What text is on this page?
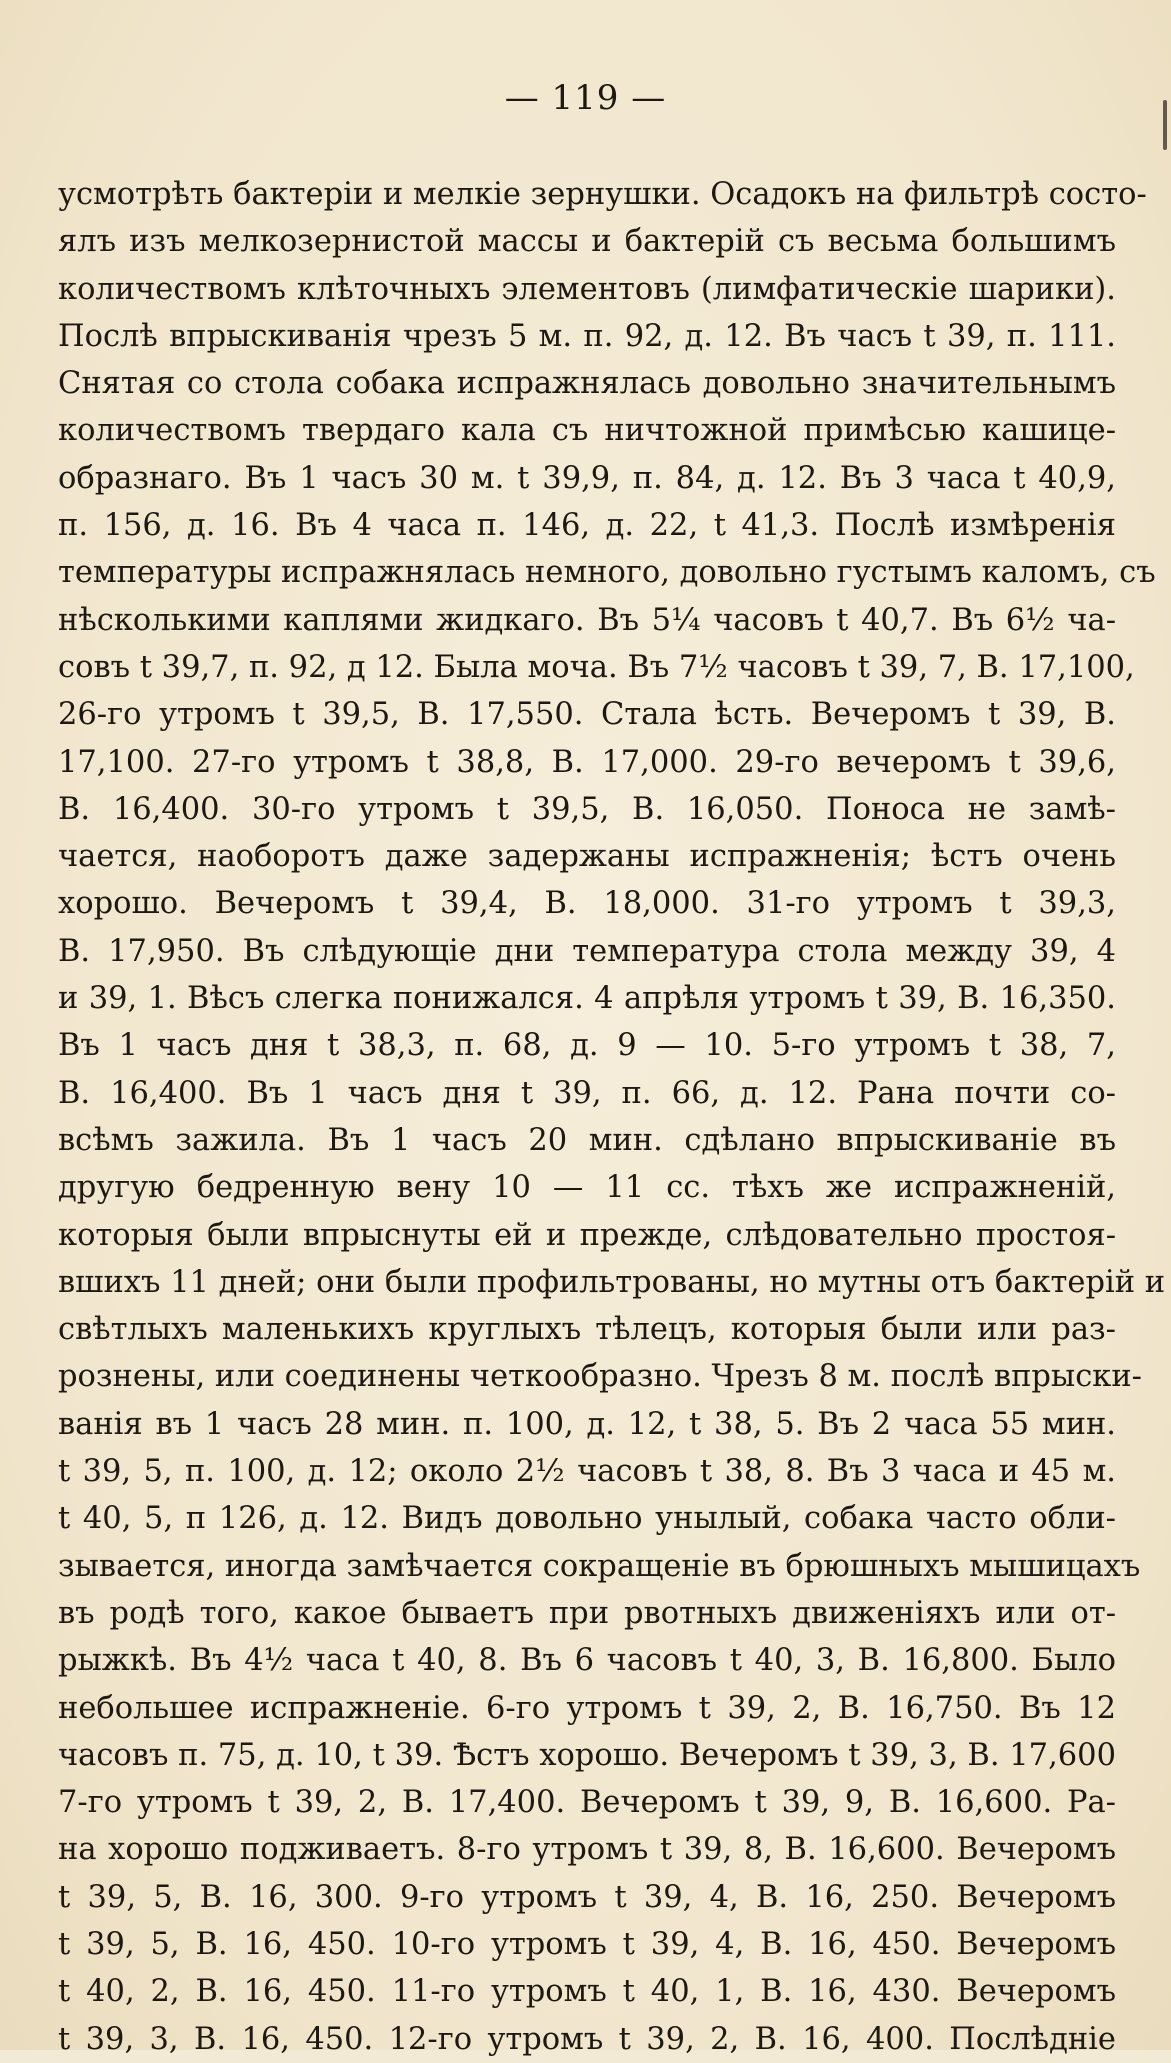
— 119 —
усмотрѣть бактеріи и мелкіе зернушки. Осадокъ на фильтрѣ состо-
ялъ изъ мелкозернистой массы и бактерій съ весьма большимъ
количествомъ клѣточныхъ элементовъ (лимфатическіе шарики).
Послѣ впрыскиванія чрезъ 5 м. п. 92, д. 12. Въ часъ t 39, п. 111.
Снятая со стола собака испражнялась довольно значительнымъ
количествомъ твердаго кала съ ничтожной примѣсью кашице-
образнаго. Въ 1 часъ 30 м. t 39,9, п. 84, д. 12. Въ 3 часа t 40,9,
п. 156, д. 16. Въ 4 часа п. 146, д. 22, t 41,3. Послѣ измѣренія
температуры испражнялась немного, довольно густымъ каломъ, съ
нѣсколькими каплями жидкаго. Въ 5¼ часовъ t 40,7. Въ 6½ ча-
совъ t 39,7, п. 92, д 12. Была моча. Въ 7½ часовъ t 39, 7, В. 17,100,
26-го утромъ t 39,5, В. 17,550. Стала ѣсть. Вечеромъ t 39, В.
17,100. 27-го утромъ t 38,8, В. 17,000. 29-го вечеромъ t 39,6,
В. 16,400. 30-го утромъ t 39,5, В. 16,050. Поноса не замѣ-
чается, наоборотъ даже задержаны испражненія; ѣстъ очень
хорошо. Вечеромъ t 39,4, В. 18,000. 31-го утромъ t 39,3,
В. 17,950. Въ слѣдующіе дни температура стола между 39, 4
и 39, 1. Вѣсъ слегка понижался. 4 апрѣля утромъ t 39, В. 16,350.
Въ 1 часъ дня t 38,3, п. 68, д. 9 — 10. 5-го утромъ t 38, 7,
В. 16,400. Въ 1 часъ дня t 39, п. 66, д. 12. Рана почти со-
всѣмъ зажила. Въ 1 часъ 20 мин. сдѣлано впрыскиваніе въ
другую бедренную вену 10 — 11 сс. тѣхъ же испражненій,
которыя были впрыснуты ей и прежде, слѣдовательно простоя-
вшихъ 11 дней; они были профильтрованы, но мутны отъ бактерій и
свѣтлыхъ маленькихъ круглыхъ тѣлецъ, которыя были или раз-
рознены, или соединены четкообразно. Чрезъ 8 м. послѣ впрыски-
ванія въ 1 часъ 28 мин. п. 100, д. 12, t 38, 5. Въ 2 часа 55 мин.
t 39, 5, п. 100, д. 12; около 2½ часовъ t 38, 8. Въ 3 часа и 45 м.
t 40, 5, п 126, д. 12. Видъ довольно унылый, собака часто обли-
зывается, иногда замѣчается сокращеніе въ брюшныхъ мышицахъ
въ родѣ того, какое бываетъ при рвотныхъ движеніяхъ или от-
рыжкѣ. Въ 4½ часа t 40, 8. Въ 6 часовъ t 40, 3, В. 16,800. Было
небольшее испражненіе. 6-го утромъ t 39, 2, В. 16,750. Въ 12
часовъ п. 75, д. 10, t 39. Ѣстъ хорошо. Вечеромъ t 39, 3, В. 17,600
7-го утромъ t 39, 2, В. 17,400. Вечеромъ t 39, 9, В. 16,600. Ра-
на хорошо подживаетъ. 8-го утромъ t 39, 8, В. 16,600. Вечеромъ
t 39, 5, В. 16, 300. 9-го утромъ t 39, 4, В. 16, 250. Вечеромъ
t 39, 5, В. 16, 450. 10-го утромъ t 39, 4, В. 16, 450. Вечеромъ
t 40, 2, В. 16, 450. 11-го утромъ t 40, 1, В. 16, 430. Вечеромъ
t 39, 3, В. 16, 450. 12-го утромъ t 39, 2, В. 16, 400. Послѣдніе
